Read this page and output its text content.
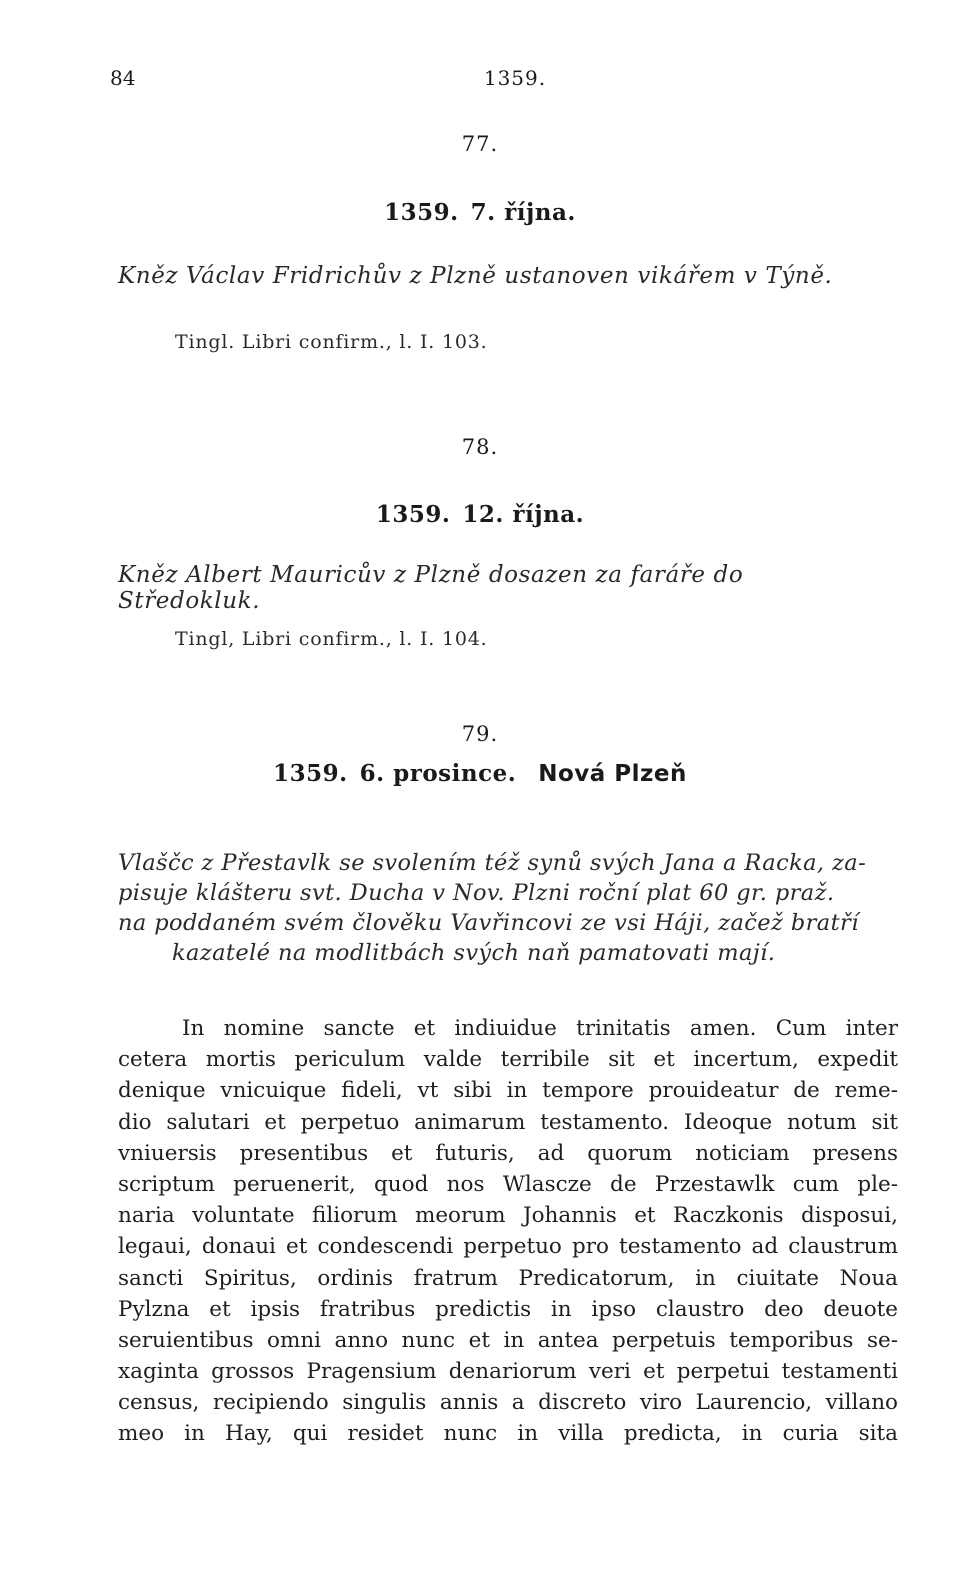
84	1359.
77.
1359. 7. října.
Kněz Václav Fridrichův z Plzně ustanoven vikářem v Týně.
Tingl. Libri confirm., l. I. 103.
78.
1359. 12. října.
Kněz Albert Mauricův z Plzně dosazen za faráře do Středokluk.
Tingl, Libri confirm., l. I. 104.
79.
1359. 6. prosince. Nová Plzeň
Vlaščc z Přestavlk se svolením též synů svých Jana a Racka, za-
pisuje klášteru svt. Ducha v Nov. Plzni roční plat 60 gr. praž.
na poddaném svém člověku Vavřincovi ze vsi Háji, začež bratří
kazatelé na modlitbách svých naň pamatovati mají.
In nomine sancte et indiuidue trinitatis amen. Cum inter
cetera mortis periculum valde terribile sit et incertum, expedit
denique vnicuique fideli, vt sibi in tempore prouideatur de reme-
dio salutari et perpetuo animarum testamento. Ideoque notum sit
vniuersis presentibus et futuris, ad quorum noticiam presens
scriptum peruenerit, quod nos Wlascze de Przestawlk cum ple-
naria voluntate filiorum meorum Johannis et Raczkonis disposui,
legaui, donaui et condescendi perpetuo pro testamento ad claustrum
sancti Spiritus, ordinis fratrum Predicatorum, in ciuitate Noua
Pylzna et ipsis fratribus predictis in ipso claustro deo deuote
seruientibus omni anno nunc et in antea perpetuis temporibus se-
xaginta grossos Pragensium denariorum veri et perpetui testamenti
census, recipiendo singulis annis a discreto viro Laurencio, villano
meo in Hay, qui residet nunc in villa predicta, in curia sita
